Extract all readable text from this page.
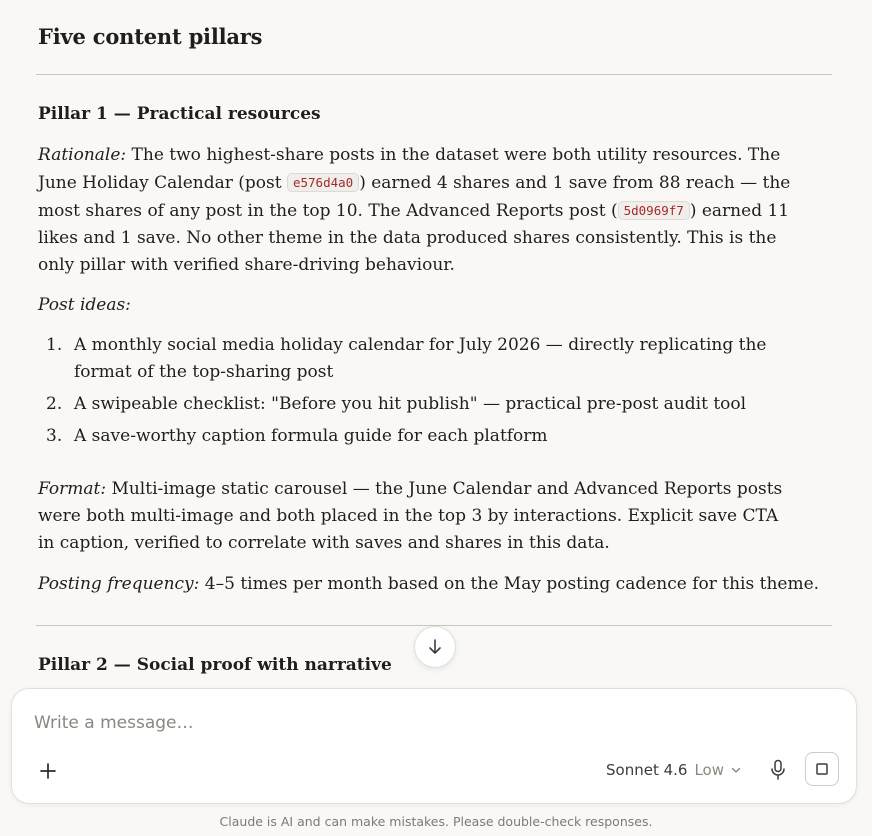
Five content pillars
Pillar 1 — Practical resources

Rationale: The two highest-share posts in the dataset were both utility resources. The June Holiday Calendar (post e576d4a0 ) earned 4 shares and 1 save from 88 reach — the most shares of any post in the top 10. The Advanced Reports post ( 5d0969f7 ) earned 11 likes and 1 save. No other theme in the data produced shares consistently. This is the only pillar with verified share-driving behaviour.

Post ideas:

1. A monthly social media holiday calendar for July 2026 — directly replicating the format of the top-sharing post
2. A swipeable checklist: "Before you hit publish" — practical pre-post audit tool
3. A save-worthy caption formula guide for each platform

Format: Multi-image static carousel — the June Calendar and Advanced Reports posts were both multi-image and both placed in the top 3 by interactions. Explicit save CTA in caption, verified to correlate with saves and shares in this data.

Posting frequency: 4–5 times per month based on the May posting cadence for this theme.

Pillar 2 — Social proof with narrative
Write a message…
Sonnet 4.6 Low
Claude is AI and can make mistakes. Please double-check responses.
